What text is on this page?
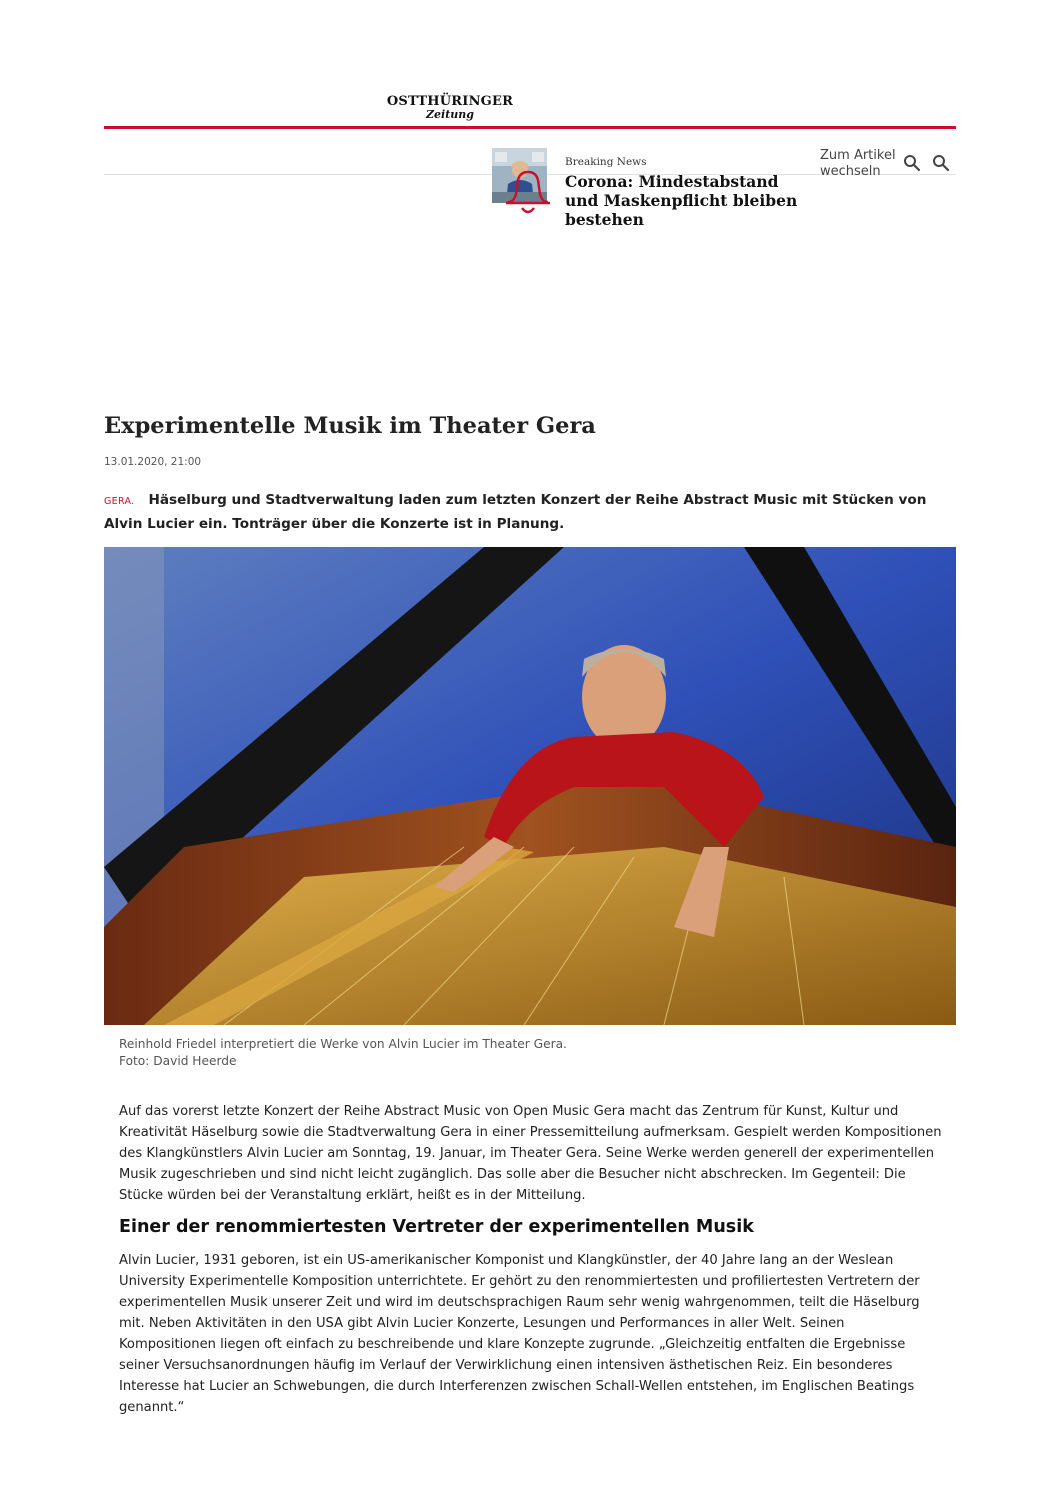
OSTTHÜRINGER
Zeitung
Breaking News
Corona: Mindestabstand und Maskenpflicht bleiben bestehen
Zum Artikel wechseln
Experimentelle Musik im Theater Gera
13.01.2020, 21:00
GERA. Häselburg und Stadtverwaltung laden zum letzten Konzert der Reihe Abstract Music mit Stücken von Alvin Lucier ein. Tonträger über die Konzerte ist in Planung.
Reinhold Friedel interpretiert die Werke von Alvin Lucier im Theater Gera.
Foto: David Heerde
Auf das vorerst letzte Konzert der Reihe Abstract Music von Open Music Gera macht das Zentrum für Kunst, Kultur und Kreativität Häselburg sowie die Stadtverwaltung Gera in einer Pressemitteilung aufmerksam. Gespielt werden Kompositionen des Klangkünstlers Alvin Lucier am Sonntag, 19. Januar, im Theater Gera. Seine Werke werden generell der experimentellen Musik zugeschrieben und sind nicht leicht zugänglich. Das solle aber die Besucher nicht abschrecken. Im Gegenteil: Die Stücke würden bei der Veranstaltung erklärt, heißt es in der Mitteilung.
Einer der renommiertesten Vertreter der experimentellen Musik
Alvin Lucier, 1931 geboren, ist ein US-amerikanischer Komponist und Klangkünstler, der 40 Jahre lang an der Weslean University Experimentelle Komposition unterrichtete. Er gehört zu den renommiertesten und profiliertesten Vertretern der experimentellen Musik unserer Zeit und wird im deutschsprachigen Raum sehr wenig wahrgenommen, teilt die Häselburg mit. Neben Aktivitäten in den USA gibt Alvin Lucier Konzerte, Lesungen und Performances in aller Welt. Seinen Kompositionen liegen oft einfach zu beschreibende und klare Konzepte zugrunde. „Gleichzeitig entfalten die Ergebnisse seiner Versuchsanordnungen häufig im Verlauf der Verwirklichung einen intensiven ästhetischen Reiz. Ein besonderes Interesse hat Lucier an Schwebungen, die durch Interferenzen zwischen Schall-Wellen entstehen, im Englischen Beatings genannt.“
